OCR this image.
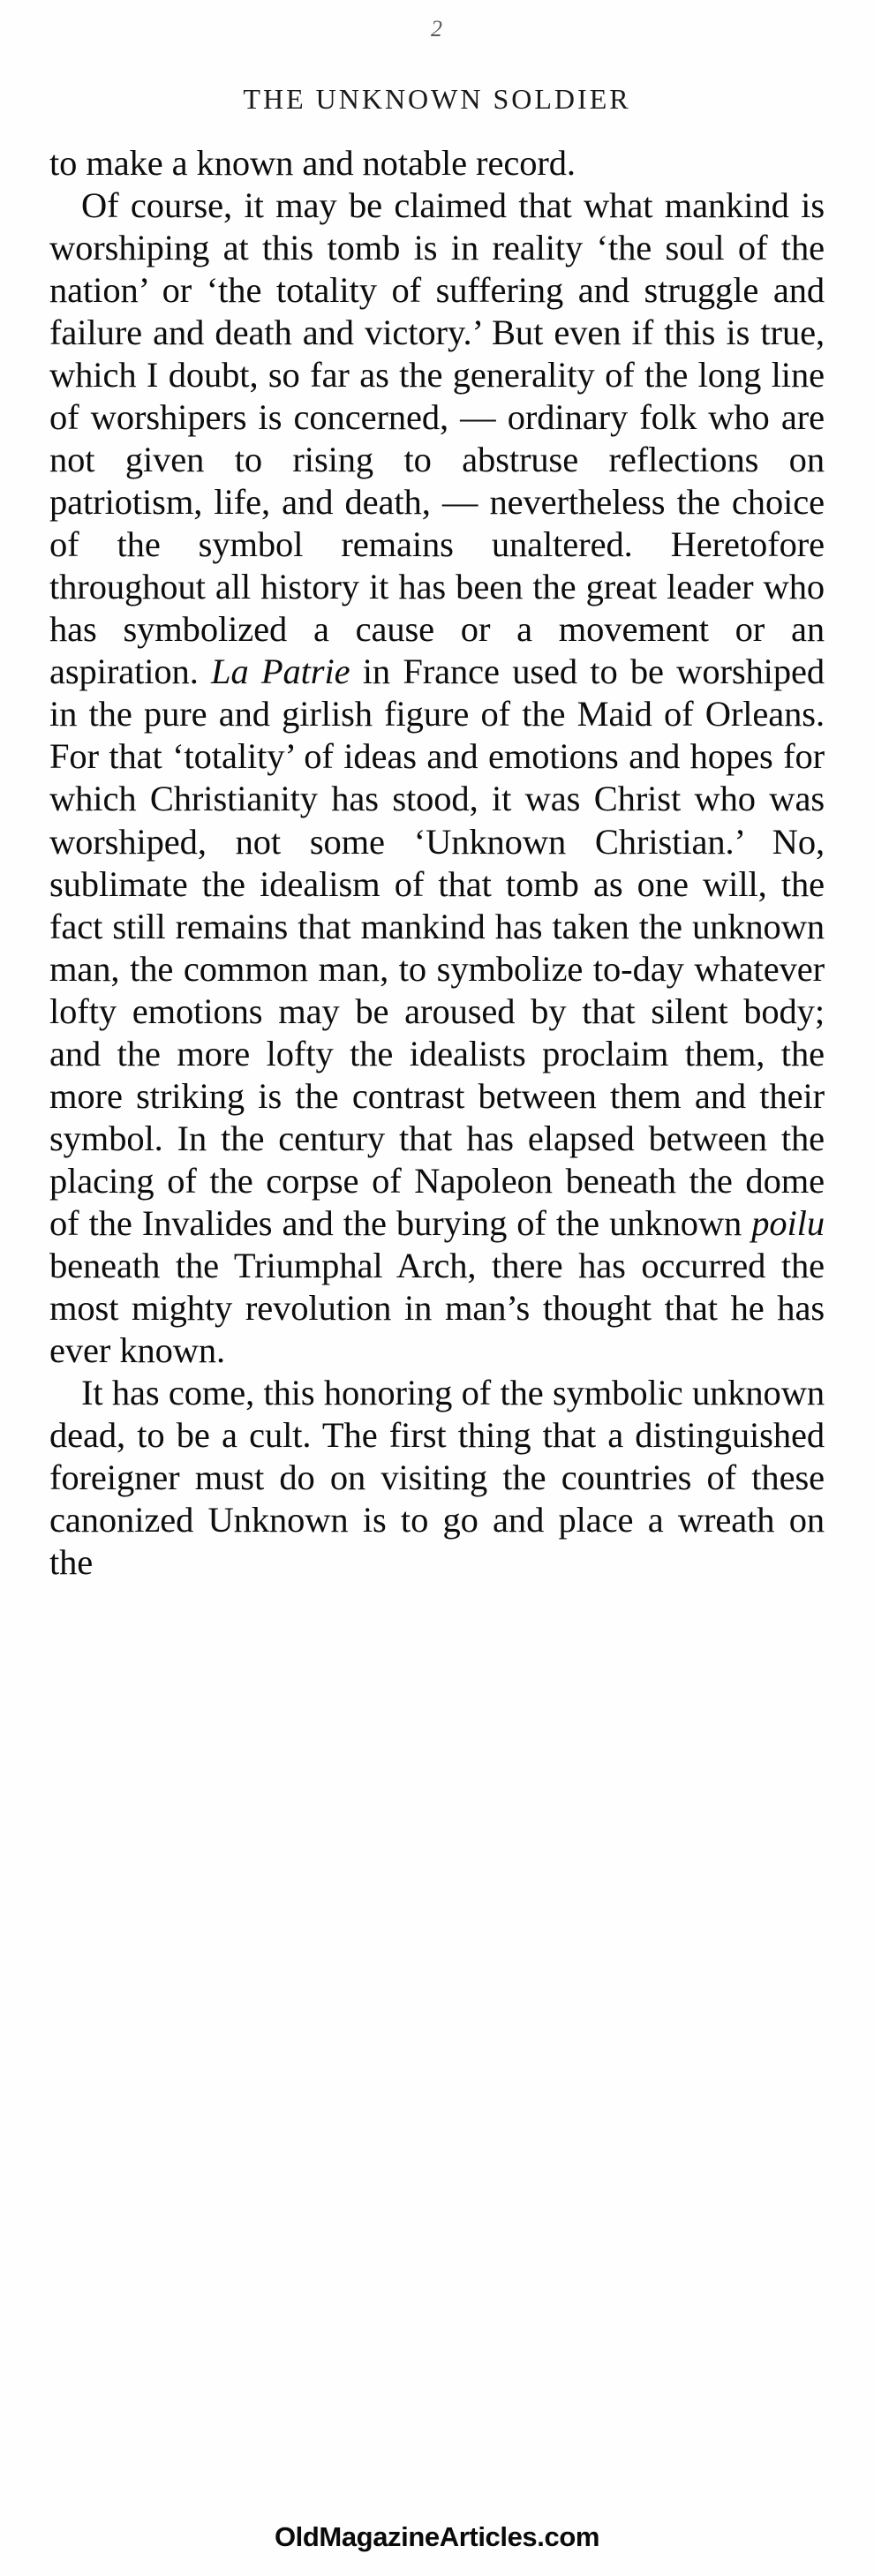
2
THE UNKNOWN SOLDIER

to make a known and notable record.

Of course, it may be claimed that what mankind is worshiping at this tomb is in reality ‘the soul of the nation’ or ‘the totality of suffering and struggle and failure and death and victory.’ But even if this is true, which I doubt, so far as the generality of the long line of worshipers is concerned, — ordinary folk who are not given to rising to abstruse reflections on patriotism, life, and death, — nevertheless the choice of the symbol remains unaltered. Heretofore throughout all history it has been the great leader who has symbolized a cause or a movement or an aspiration. La Patrie in France used to be worshiped in the pure and girlish figure of the Maid of Orleans. For that ‘totality’ of ideas and emotions and hopes for which Christianity has stood, it was Christ who was worshiped, not some ‘Unknown Christian.’ No, sublimate the idealism of that tomb as one will, the fact still remains that mankind has taken the unknown man, the common man, to symbolize to-day whatever lofty emotions may be aroused by that silent body; and the more lofty the idealists proclaim them, the more striking is the contrast between them and their symbol. In the century that has elapsed between the placing of the corpse of Napoleon beneath the dome of the Invalides and the burying of the unknown poilu beneath the Triumphal Arch, there has occurred the most mighty revolution in man’s thought that he has ever known.

It has come, this honoring of the symbolic unknown dead, to be a cult. The first thing that a distinguished foreigner must do on visiting the countries of these canonized Unknown is to go and place a wreath on the

OldMagazineArticles.com
